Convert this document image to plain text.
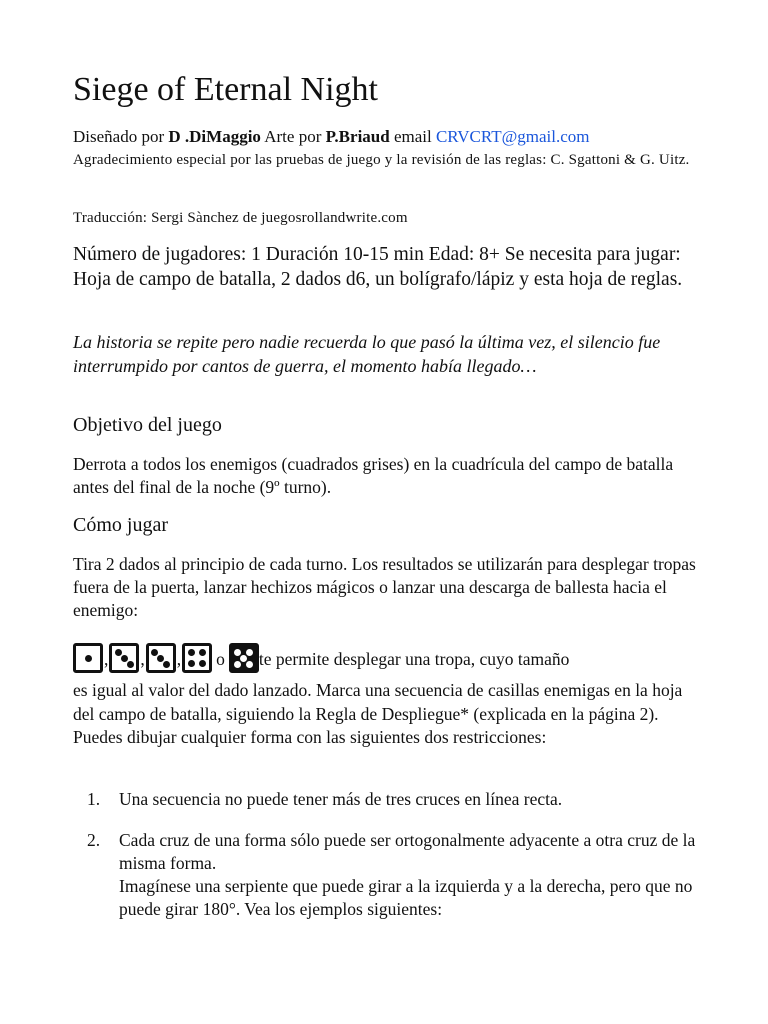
Siege of Eternal Night
Diseñado por D .DiMaggio Arte por P.Briaud email CRVCRT@gmail.com
Agradecimiento especial por las pruebas de juego y la revisión de las reglas: C. Sgattoni & G. Uitz.
Traducción: Sergi Sànchez de juegosrollandwrite.com
Número de jugadores: 1 Duración 10-15 min Edad: 8+ Se necesita para jugar: Hoja de campo de batalla, 2 dados d6, un bolígrafo/lápiz y esta hoja de reglas.
La historia se repite pero nadie recuerda lo que pasó la última vez, el silencio fue interrumpido por cantos de guerra, el momento había llegado…
Objetivo del juego
Derrota a todos los enemigos (cuadrados grises) en la cuadrícula del campo de batalla antes del final de la noche (9º turno).
Cómo jugar
Tira 2 dados al principio de cada turno. Los resultados se utilizarán para desplegar tropas fuera de la puerta, lanzar hechizos mágicos o lanzar una descarga de ballesta hacia el enemigo:
, , , o te permite desplegar una tropa, cuyo tamaño
es igual al valor del dado lanzado. Marca una secuencia de casillas enemigas en la hoja del campo de batalla, siguiendo la Regla de Despliegue* (explicada en la página 2). Puedes dibujar cualquier forma con las siguientes dos restricciones:
1. Una secuencia no puede tener más de tres cruces en línea recta.
2. Cada cruz de una forma sólo puede ser ortogonalmente adyacente a otra cruz de la misma forma.
Imagínese una serpiente que puede girar a la izquierda y a la derecha, pero que no puede girar 180°. Vea los ejemplos siguientes:
